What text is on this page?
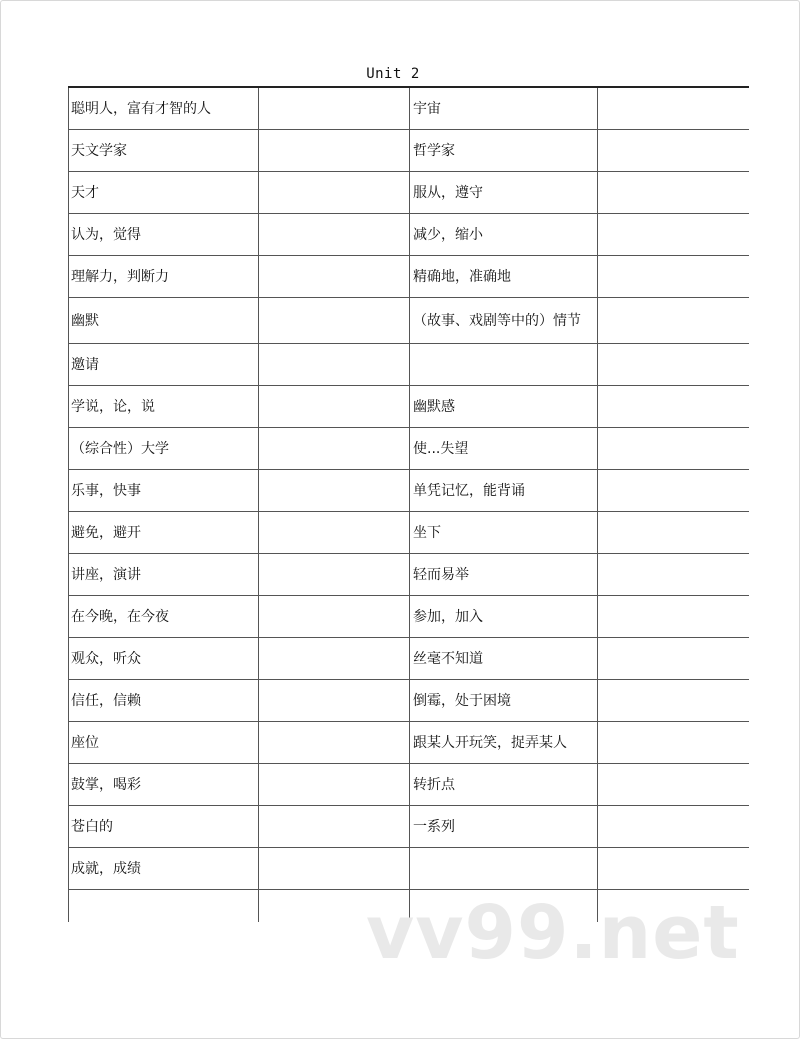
Unit 2
聪明人，富有才智的人		宇宙	
天文学家		哲学家	
天才		服从，遵守	
认为，觉得		减少，缩小	
理解力，判断力		精确地，准确地	
幽默		（故事、戏剧等中的）情节	
邀请			
学说，论，说		幽默感	
（综合性）大学		使...失望	
乐事，快事		单凭记忆，能背诵	
避免，避开		坐下	
讲座，演讲		轻而易举	
在今晚，在今夜		参加，加入	
观众，听众		丝毫不知道	
信任，信赖		倒霉，处于困境	
座位		跟某人开玩笑，捉弄某人	
鼓掌，喝彩		转折点	
苍白的		一系列	
成就，成绩			

vv99.net
